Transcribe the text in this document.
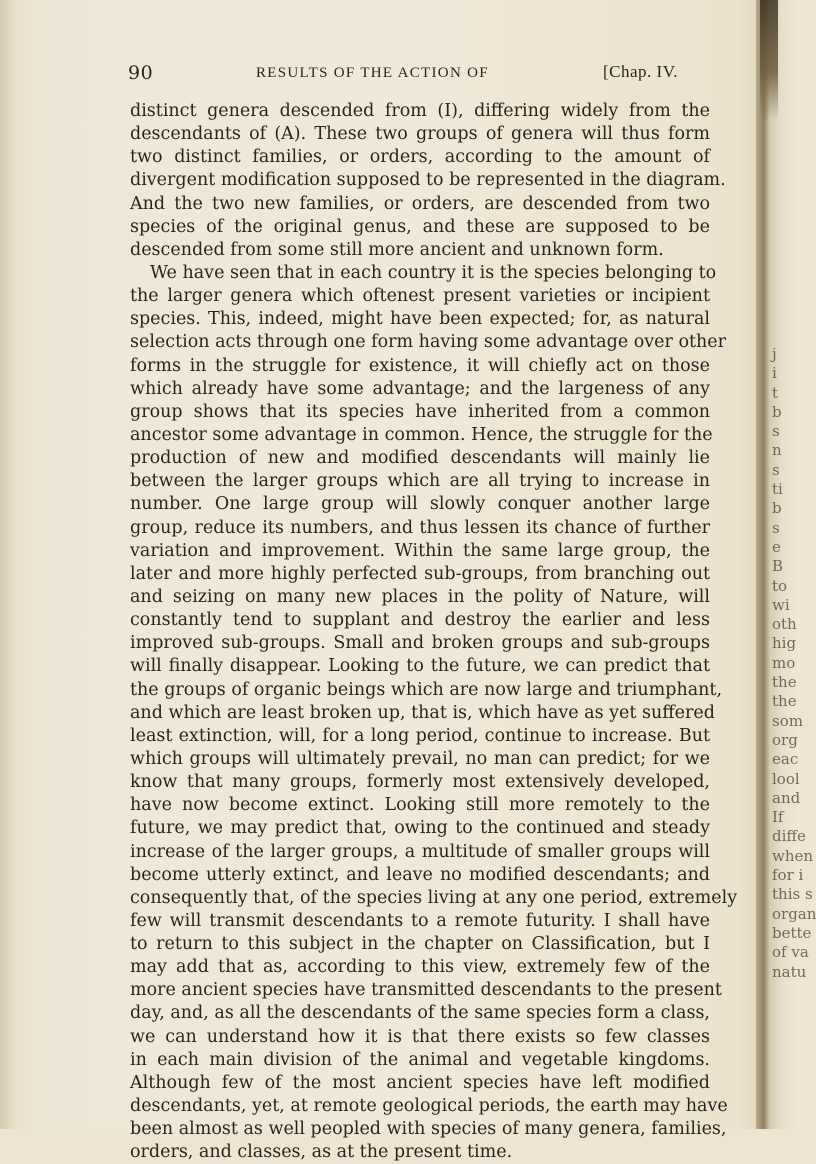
j
i
t
b
s
n
s
ti
b
s
e
B
to
wi
oth
hig
mo
the
the
som
org
eac
lool
and
If
diffe
when
for i
this s
organ
bette
of va
natu
90	RESULTS OF THE ACTION OF	[Chap. IV.
distinct genera descended from (I), differing widely from the
descendants of (A). These two groups of genera will thus form
two distinct families, or orders, according to the amount of
divergent modification supposed to be represented in the diagram.
And the two new families, or orders, are descended from two
species of the original genus, and these are supposed to be
descended from some still more ancient and unknown form.
We have seen that in each country it is the species belonging to
the larger genera which oftenest present varieties or incipient
species. This, indeed, might have been expected; for, as natural
selection acts through one form having some advantage over other
forms in the struggle for existence, it will chiefly act on those
which already have some advantage; and the largeness of any
group shows that its species have inherited from a common
ancestor some advantage in common. Hence, the struggle for the
production of new and modified descendants will mainly lie
between the larger groups which are all trying to increase in
number. One large group will slowly conquer another large
group, reduce its numbers, and thus lessen its chance of further
variation and improvement. Within the same large group, the
later and more highly perfected sub-groups, from branching out
and seizing on many new places in the polity of Nature, will
constantly tend to supplant and destroy the earlier and less
improved sub-groups. Small and broken groups and sub-groups
will finally disappear. Looking to the future, we can predict that
the groups of organic beings which are now large and triumphant,
and which are least broken up, that is, which have as yet suffered
least extinction, will, for a long period, continue to increase. But
which groups will ultimately prevail, no man can predict; for we
know that many groups, formerly most extensively developed,
have now become extinct. Looking still more remotely to the
future, we may predict that, owing to the continued and steady
increase of the larger groups, a multitude of smaller groups will
become utterly extinct, and leave no modified descendants; and
consequently that, of the species living at any one period, extremely
few will transmit descendants to a remote futurity. I shall have
to return to this subject in the chapter on Classification, but I
may add that as, according to this view, extremely few of the
more ancient species have transmitted descendants to the present
day, and, as all the descendants of the same species form a class,
we can understand how it is that there exists so few classes
in each main division of the animal and vegetable kingdoms.
Although few of the most ancient species have left modified
descendants, yet, at remote geological periods, the earth may have
been almost as well peopled with species of many genera, families,
orders, and classes, as at the present time.
